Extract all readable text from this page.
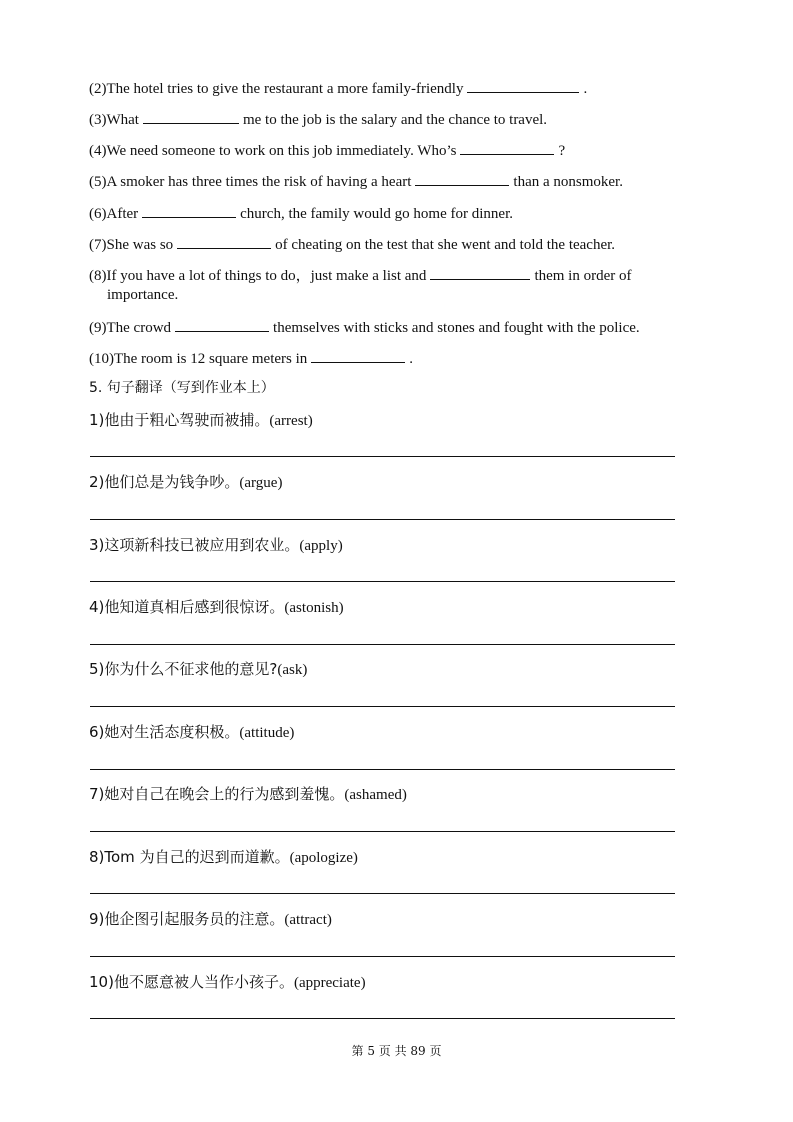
(2)The hotel tries to give the restaurant a more family-friendly	.
(3)What	me to the job is the salary and the chance to travel.
(4)We need someone to work on this job immediately. Who’s	?
(5)A smoker has three times the risk of having a heart	than a nonsmoker.
(6)After	church, the family would go home for dinner.
(7)She was so	of cheating on the test that she went and told the teacher.
(8)If you have a lot of things to do，just make a list and	them in order of
importance.
(9)The crowd	themselves with sticks and stones and fought with the police.
(10)The room is 12 square meters in	.
5. 句子翻译（写到作业本上）
1)他由于粗心驾驶而被捕。(arrest)
2)他们总是为钱争吵。(argue)
3)这项新科技已被应用到农业。(apply)
4)他知道真相后感到很惊讶。(astonish)
5)你为什么不征求他的意见?(ask)
6)她对生活态度积极。(attitude)
7)她对自己在晚会上的行为感到羞愧。(ashamed)
8)Tom 为自己的迟到而道歉。(apologize)
9)他企图引起服务员的注意。(attract)
10)他不愿意被人当作小孩子。(appreciate)
第 5 页 共 89 页
